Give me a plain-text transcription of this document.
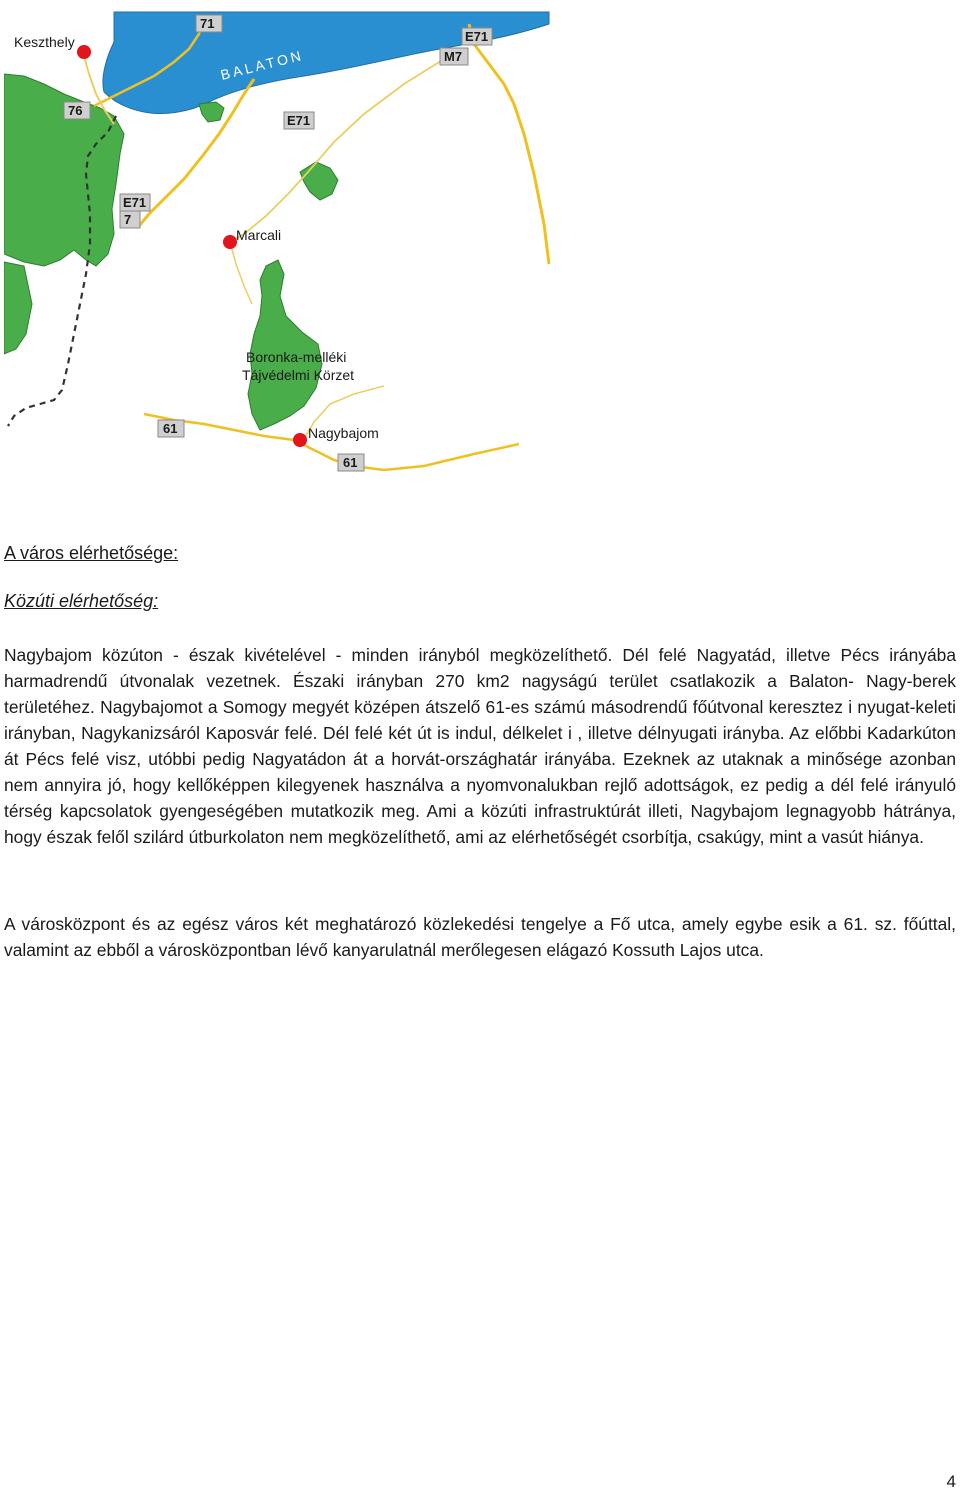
BALATON
Keszthely
Marcali
Boronka-melléki
Tájvédelmi Körzet
Nagybajom
71
E71
M7
76
E71
E71
7
61
61
A város elérhetősége:
Közúti elérhetőség:

Nagybajom közúton - észak kivételével - minden irányból megközelíthető. Dél felé Nagyatád, illetve Pécs irányába harmadrendű útvonalak vezetnek. Északi irányban 270 km2 nagyságú terület csatlakozik a Balaton- Nagy-berek területéhez. Nagybajomot a Somogy megyét középen átszelő 61-es számú másodrendű főútvonal keresztez i nyugat-keleti irányban, Nagykanizsáról Kaposvár felé. Dél felé két út is indul, délkelet i , illetve délnyugati irányba. Az előbbi Kadarkúton át Pécs felé visz, utóbbi pedig Nagyatádon át a horvát-országhatár irányába. Ezeknek az utaknak a minősége azonban nem annyira jó, hogy kellőképpen kilegyenek használva a nyomvonalukban rejlő adottságok, ez pedig a dél felé irányuló térség kapcsolatok gyengeségében mutatkozik meg. Ami a közúti infrastruktúrát illeti, Nagybajom legnagyobb hátránya, hogy észak felől szilárd útburkolaton nem megközelíthető, ami az elérhetőségét csorbítja, csakúgy, mint a vasút hiánya.

A városközpont és az egész város két meghatározó közlekedési tengelye a Fő utca, amely egybe esik a 61. sz. főúttal, valamint az ebből a városközpontban lévő kanyarulatnál merőlegesen elágazó Kossuth Lajos utca.

4
